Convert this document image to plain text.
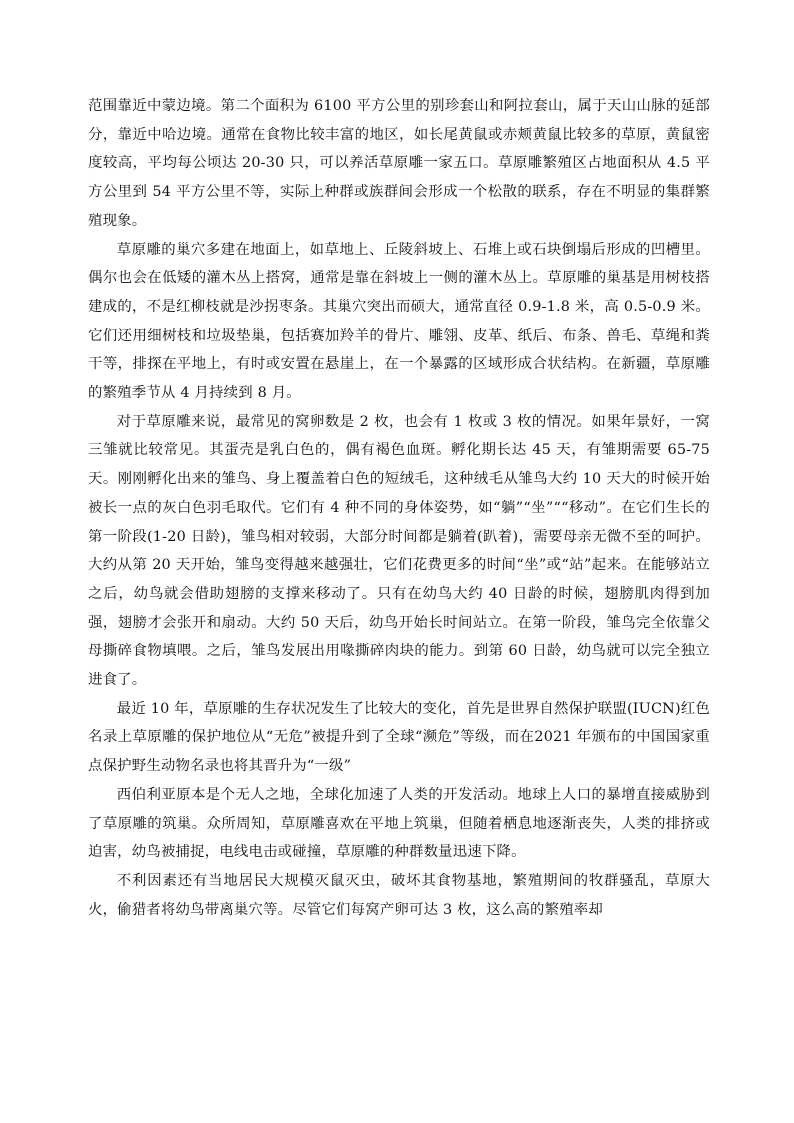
范围靠近中蒙边境。第二个面积为 6100 平方公里的别珍套山和阿拉套山，属于天山山脉的延部分，靠近中哈边境。通常在食物比较丰富的地区，如长尾黄鼠或赤颊黄鼠比较多的草原，黄鼠密度较高，平均每公顷达 20-30 只，可以养活草原雕一家五口。草原雕繁殖区占地面积从 4.5 平方公里到 54 平方公里不等，实际上种群或族群间会形成一个松散的联系，存在不明显的集群繁殖现象。

草原雕的巢穴多建在地面上，如草地上、丘陵斜坡上、石堆上或石块倒塌后形成的凹槽里。偶尔也会在低矮的灌木丛上搭窝，通常是靠在斜坡上一侧的灌木丛上。草原雕的巢基是用树枝搭建成的，不是红柳枝就是沙拐枣条。其巢穴突出而硕大，通常直径 0.9-1.8 米，高 0.5-0.9 米。它们还用细树枝和垃圾垫巢，包括赛加羚羊的骨片、雕翎、皮革、纸后、布条、兽毛、草绳和粪干等，排探在平地上，有时或安置在悬崖上，在一个暴露的区域形成合状结构。在新疆，草原雕的繁殖季节从 4 月持续到 8 月。

对于草原雕来说，最常见的窝卵数是 2 枚，也会有 1 枚或 3 枚的情况。如果年景好，一窝三雏就比较常见。其蛋壳是乳白色的，偶有褐色血斑。孵化期长达 45 天，有雏期需要 65-75 天。刚刚孵化出来的雏鸟、身上覆盖着白色的短绒毛，这种绒毛从雏鸟大约 10 天大的时候开始被长一点的灰白色羽毛取代。它们有 4 种不同的身体姿势，如“躺”“坐”““移动”。在它们生长的第一阶段(1-20 日龄)，雏鸟相对较弱，大部分时间都是躺着(趴着)，需要母亲无微不至的呵护。大约从第 20 天开始，雏鸟变得越来越强壮，它们花费更多的时间“坐”或“站”起来。在能够站立之后，幼鸟就会借助翅膀的支撑来移动了。只有在幼鸟大约 40 日龄的时候，翅膀肌肉得到加强，翅膀才会张开和扇动。大约 50 天后，幼鸟开始长时间站立。在第一阶段，雏鸟完全依靠父母撕碎食物填喂。之后，雏鸟发展出用喙撕碎肉块的能力。到第 60 日龄，幼鸟就可以完全独立进食了。

最近 10 年，草原雕的生存状况发生了比较大的变化，首先是世界自然保护联盟(IUCN)红色名录上草原雕的保护地位从“无危”被提升到了全球“濒危”等级，而在2021 年颁布的中国国家重点保护野生动物名录也将其晋升为“一级”

西伯利亚原本是个无人之地，全球化加速了人类的开发活动。地球上人口的暴增直接威胁到了草原雕的筑巢。众所周知，草原雕喜欢在平地上筑巢，但随着栖息地逐渐丧失，人类的排挤或迫害，幼鸟被捕捉，电线电击或碰撞，草原雕的种群数量迅速下降。

不利因素还有当地居民大规模灭鼠灭虫，破坏其食物基地，繁殖期间的牧群骚乱，草原大火，偷猎者将幼鸟带离巢穴等。尽管它们每窝产卵可达 3 枚，这么高的繁殖率却
